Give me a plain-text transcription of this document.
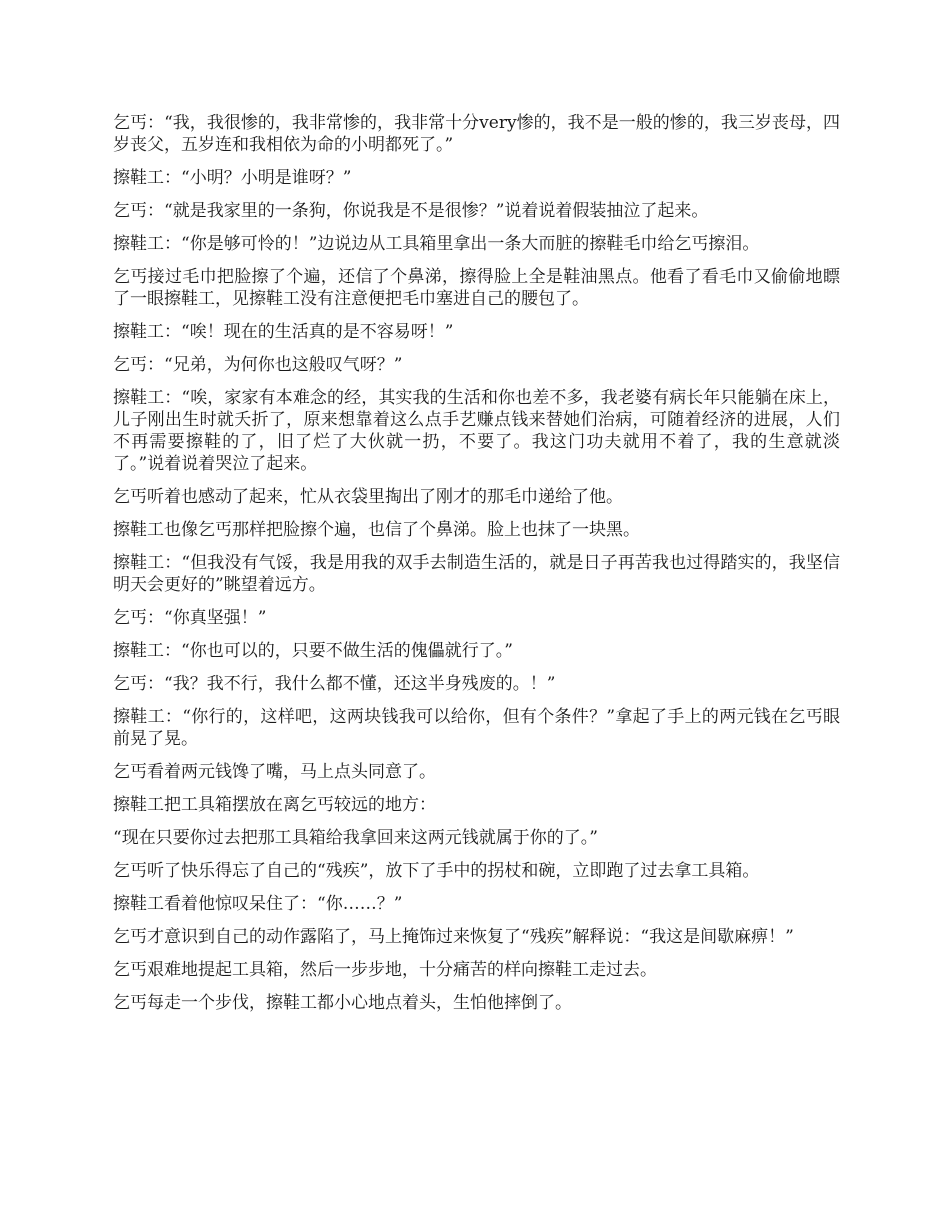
乞丐：“我，我很惨的，我非常惨的，我非常十分very惨的，我不是一般的惨的，我三岁丧母，四岁丧父，五岁连和我相依为命的小明都死了。”

擦鞋工：“小明？小明是谁呀？”

乞丐：“就是我家里的一条狗，你说我是不是很惨？”说着说着假装抽泣了起来。

擦鞋工：“你是够可怜的！”边说边从工具箱里拿出一条大而脏的擦鞋毛巾给乞丐擦泪。

乞丐接过毛巾把脸擦了个遍，还信了个鼻涕，擦得脸上全是鞋油黑点。他看了看毛巾又偷偷地瞟了一眼擦鞋工，见擦鞋工没有注意便把毛巾塞进自己的腰包了。

擦鞋工：“唉！现在的生活真的是不容易呀！”

乞丐：“兄弟，为何你也这般叹气呀？”

擦鞋工：“唉，家家有本难念的经，其实我的生活和你也差不多，我老婆有病长年只能躺在床上，儿子刚出生时就夭折了，原来想靠着这么点手艺赚点钱来替她们治病，可随着经济的进展，人们不再需要擦鞋的了，旧了烂了大伙就一扔，不要了。我这门功夫就用不着了，我的生意就淡了。”说着说着哭泣了起来。

乞丐听着也感动了起来，忙从衣袋里掏出了刚才的那毛巾递给了他。

擦鞋工也像乞丐那样把脸擦个遍，也信了个鼻涕。脸上也抹了一块黑。

擦鞋工：“但我没有气馁，我是用我的双手去制造生活的，就是日子再苦我也过得踏实的，我坚信明天会更好的”眺望着远方。

乞丐：“你真坚强！”

擦鞋工：“你也可以的，只要不做生活的傀儡就行了。”

乞丐：“我？我不行，我什么都不懂，还这半身残废的。！”

擦鞋工：“你行的，这样吧，这两块钱我可以给你，但有个条件？”拿起了手上的两元钱在乞丐眼前晃了晃。

乞丐看着两元钱馋了嘴，马上点头同意了。

擦鞋工把工具箱摆放在离乞丐较远的地方：

“现在只要你过去把那工具箱给我拿回来这两元钱就属于你的了。”

乞丐听了快乐得忘了自己的“残疾”，放下了手中的拐杖和碗，立即跑了过去拿工具箱。

擦鞋工看着他惊叹呆住了：“你……？”

乞丐才意识到自己的动作露陷了，马上掩饰过来恢复了“残疾”解释说：“我这是间歇麻痹！”

乞丐艰难地提起工具箱，然后一步步地，十分痛苦的样向擦鞋工走过去。

乞丐每走一个步伐，擦鞋工都小心地点着头，生怕他摔倒了。
